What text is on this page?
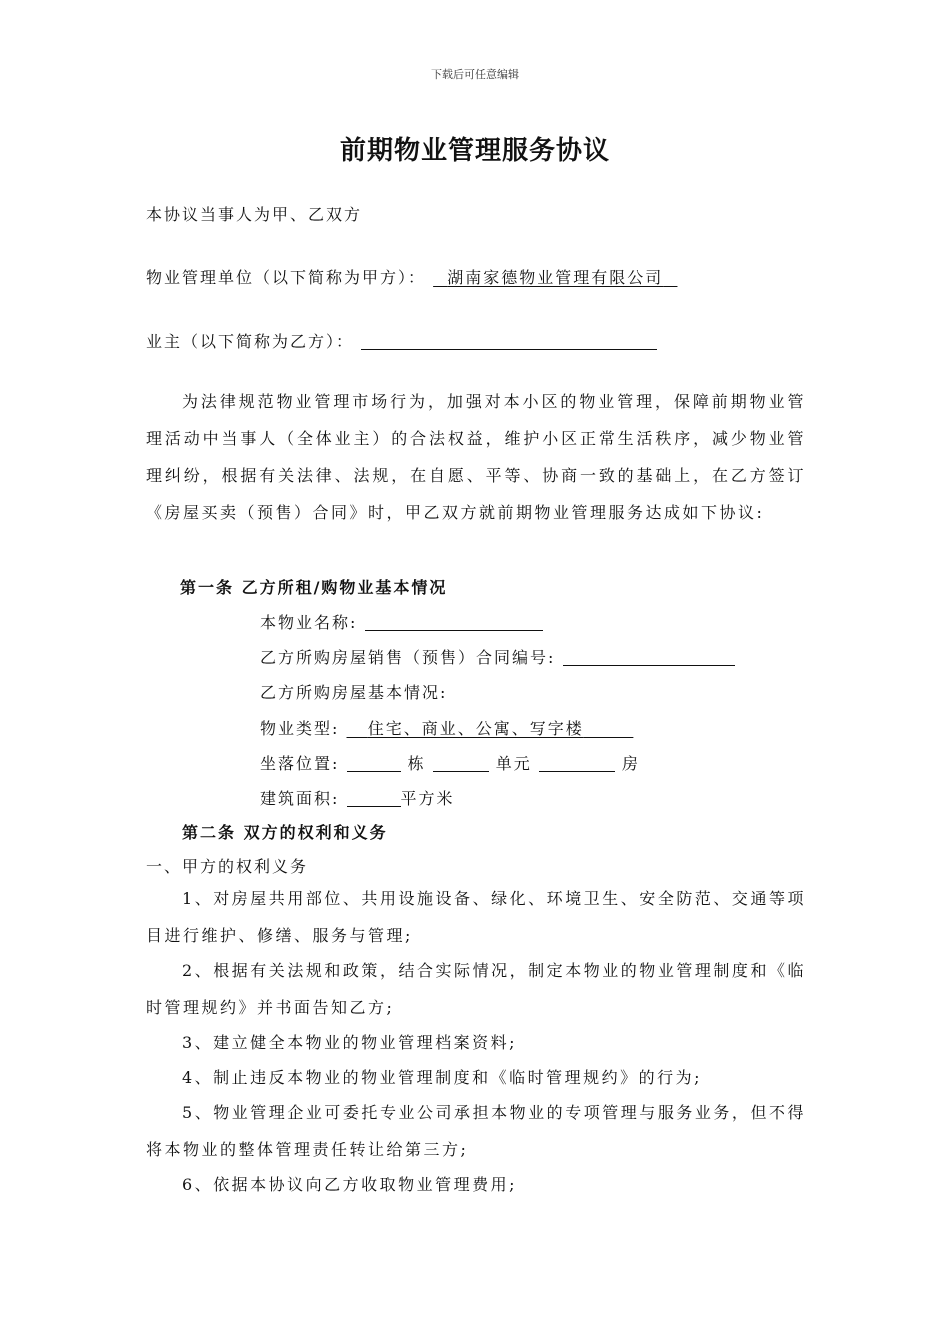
下载后可任意编辑
前期物业管理服务协议
本协议当事人为甲、乙双方
物业管理单位（以下简称为甲方）： 湖南家德物业管理有限公司
业主（以下简称为乙方）：
为法律规范物业管理市场行为，加强对本小区的物业管理，保障前期物业管理活动中当事人（全体业主）的合法权益，维护小区正常生活秩序，减少物业管理纠纷，根据有关法律、法规，在自愿、平等、协商一致的基础上，在乙方签订《房屋买卖（预售）合同》时，甲乙双方就前期物业管理服务达成如下协议:
第一条 乙方所租/购物业基本情况
本物业名称:
乙方所购房屋销售（预售）合同编号:
乙方所购房屋基本情况:
物业类型: 住宅、商业、公寓、写字楼
坐落位置:	栋	单元	房
建筑面积:	平方米
第二条 双方的权利和义务
一、甲方的权利义务
1、对房屋共用部位、共用设施设备、绿化、环境卫生、安全防范、交通等项目进行维护、修缮、服务与管理;
2、根据有关法规和政策，结合实际情况，制定本物业的物业管理制度和《临时管理规约》并书面告知乙方;
3、建立健全本物业的物业管理档案资料;
4、制止违反本物业的物业管理制度和《临时管理规约》的行为;
5、物业管理企业可委托专业公司承担本物业的专项管理与服务业务，但不得将本物业的整体管理责任转让给第三方;
6、依据本协议向乙方收取物业管理费用;
